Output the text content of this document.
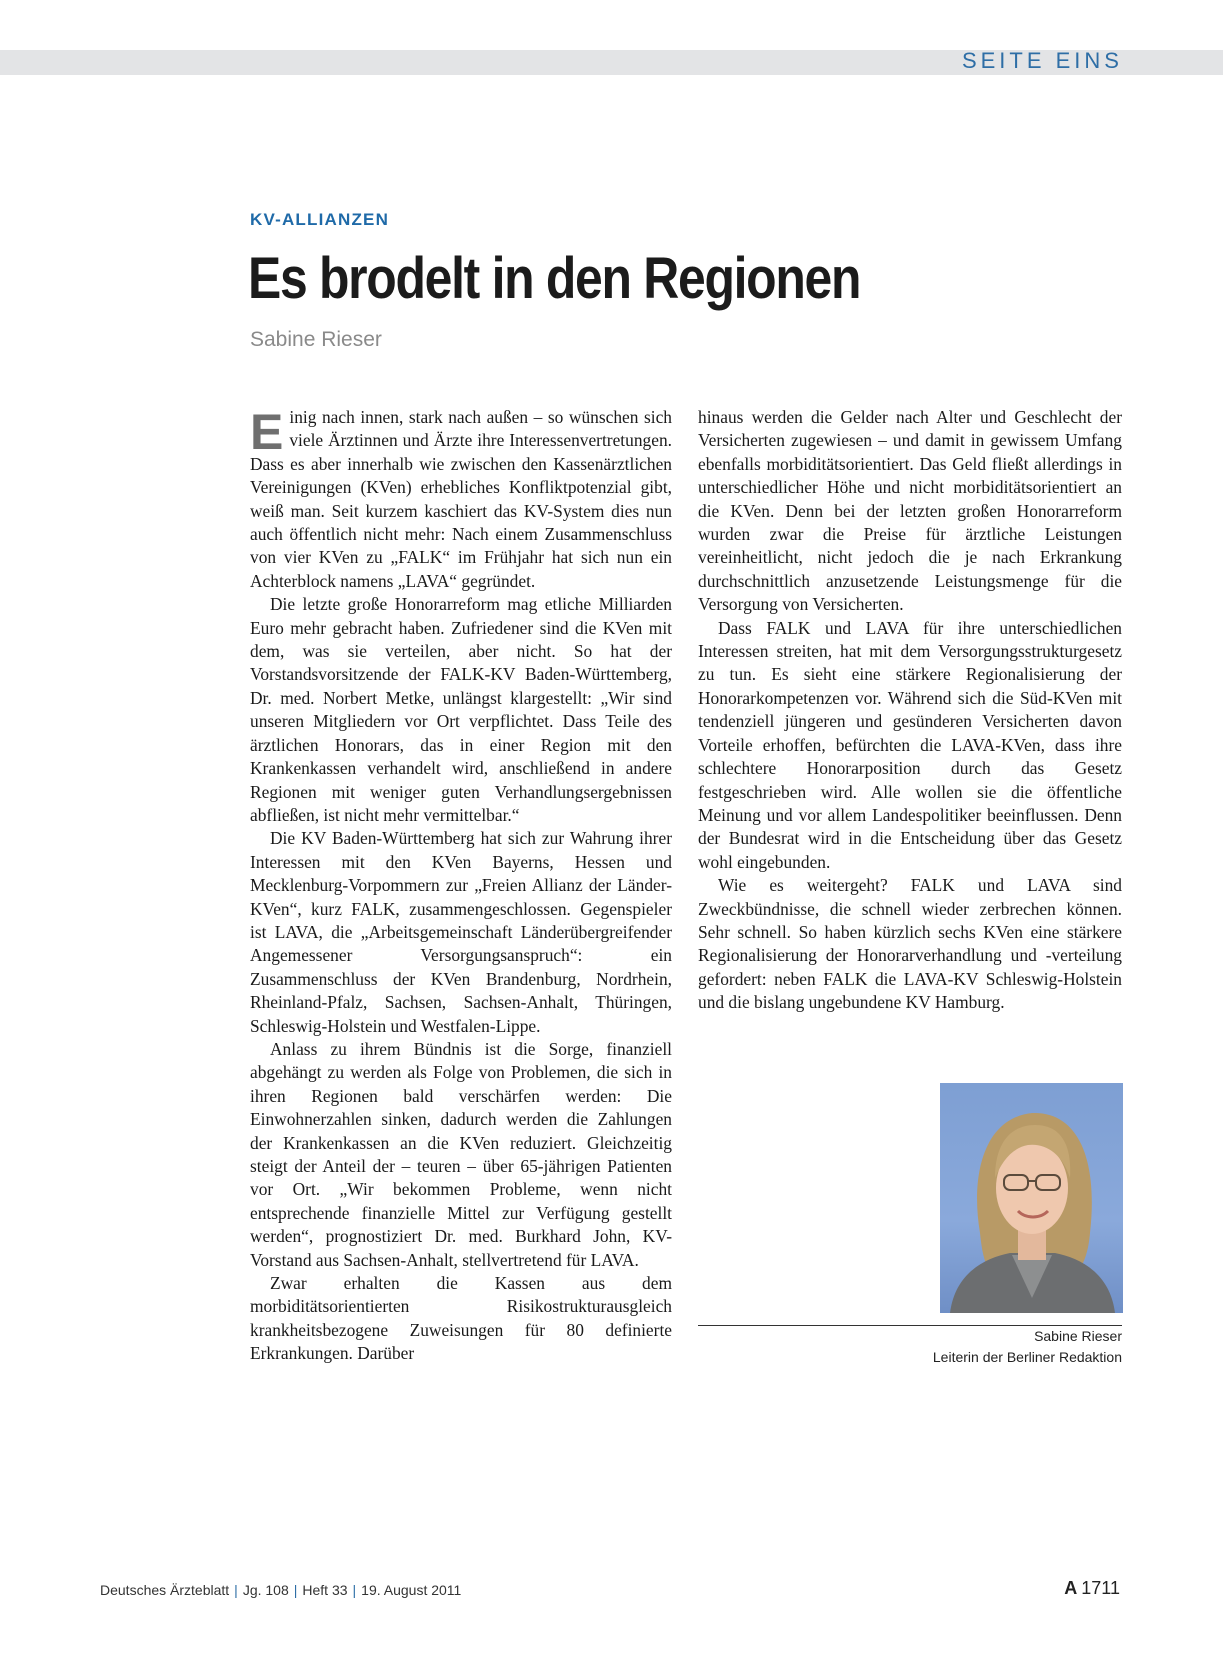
SEITE EINS
KV-ALLIANZEN
Es brodelt in den Regionen
Sabine Rieser

Einig nach innen, stark nach außen – so wünschen sich viele Ärztinnen und Ärzte ihre Interessenvertretungen. Dass es aber innerhalb wie zwischen den Kassenärztlichen Vereinigungen (KVen) erhebliches Konfliktpotenzial gibt, weiß man. Seit kurzem kaschiert das KV-System dies nun auch öffentlich nicht mehr: Nach einem Zusammenschluss von vier KVen zu „FALK“ im Frühjahr hat sich nun ein Achterblock namens „LAVA“ gegründet.

Die letzte große Honorarreform mag etliche Milliarden Euro mehr gebracht haben. Zufriedener sind die KVen mit dem, was sie verteilen, aber nicht. So hat der Vorstandsvorsitzende der FALK-KV Baden-Württemberg, Dr. med. Norbert Metke, unlängst klargestellt: „Wir sind unseren Mitgliedern vor Ort verpflichtet. Dass Teile des ärztlichen Honorars, das in einer Region mit den Krankenkassen verhandelt wird, anschließend in andere Regionen mit weniger guten Verhandlungsergebnissen abfließen, ist nicht mehr vermittelbar.“

Die KV Baden-Württemberg hat sich zur Wahrung ihrer Interessen mit den KVen Bayerns, Hessen und Mecklenburg-Vorpommern zur „Freien Allianz der Länder-KVen“, kurz FALK, zusammengeschlossen. Gegenspieler ist LAVA, die „Arbeitsgemeinschaft Länderübergreifender Angemessener Versorgungsanspruch“: ein Zusammenschluss der KVen Brandenburg, Nordrhein, Rheinland-Pfalz, Sachsen, Sachsen-Anhalt, Thüringen, Schleswig-Holstein und Westfalen-Lippe.

Anlass zu ihrem Bündnis ist die Sorge, finanziell abgehängt zu werden als Folge von Problemen, die sich in ihren Regionen bald verschärfen werden: Die Einwohnerzahlen sinken, dadurch werden die Zahlungen der Krankenkassen an die KVen reduziert. Gleichzeitig steigt der Anteil der – teuren – über 65-jährigen Patienten vor Ort. „Wir bekommen Probleme, wenn nicht entsprechende finanzielle Mittel zur Verfügung gestellt werden“, prognostiziert Dr. med. Burkhard John, KV-Vorstand aus Sachsen-Anhalt, stellvertretend für LAVA.

Zwar erhalten die Kassen aus dem morbiditätsorientierten Risikostrukturausgleich krankheitsbezogene Zuweisungen für 80 definierte Erkrankungen. Darüber

hinaus werden die Gelder nach Alter und Geschlecht der Versicherten zugewiesen – und damit in gewissem Umfang ebenfalls morbiditätsorientiert. Das Geld fließt allerdings in unterschiedlicher Höhe und nicht morbiditätsorientiert an die KVen. Denn bei der letzten großen Honorarreform wurden zwar die Preise für ärztliche Leistungen vereinheitlicht, nicht jedoch die je nach Erkrankung durchschnittlich anzusetzende Leistungsmenge für die Versorgung von Versicherten.

Dass FALK und LAVA für ihre unterschiedlichen Interessen streiten, hat mit dem Versorgungsstrukturgesetz zu tun. Es sieht eine stärkere Regionalisierung der Honorarkompetenzen vor. Während sich die Süd-KVen mit tendenziell jüngeren und gesünderen Versicherten davon Vorteile erhoffen, befürchten die LAVA-KVen, dass ihre schlechtere Honorarposition durch das Gesetz festgeschrieben wird. Alle wollen sie die öffentliche Meinung und vor allem Landespolitiker beeinflussen. Denn der Bundesrat wird in die Entscheidung über das Gesetz wohl eingebunden.

Wie es weitergeht? FALK und LAVA sind Zweckbündnisse, die schnell wieder zerbrechen können. Sehr schnell. So haben kürzlich sechs KVen eine stärkere Regionalisierung der Honorarverhandlung und -verteilung gefordert: neben FALK die LAVA-KV Schleswig-Holstein und die bislang ungebundene KV Hamburg.

Sabine Rieser
Leiterin der Berliner Redaktion
Deutsches Ärzteblatt | Jg. 108 | Heft 33 | 19. August 2011	A 1711
